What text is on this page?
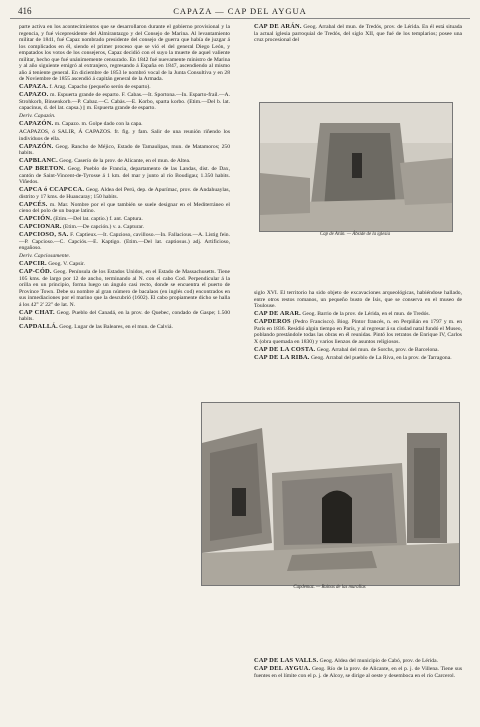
416	CAPAZA — CAP DEL AYGUA

parte activa en los acontecimientos que se desarrollaron durante el gobierno provisional y la regencia, y fué vicepresidente del Almirantazgo y del Consejo de Marina. Al levantamiento militar de 1841, fué Capaz nombrado presidente del consejo de guerra que había de juzgar á los complicados en él, siendo el primer proceso que se vió el del general Diego León, y empatados los votos de los consejeros, Capaz decidió con el suyo la muerte de aquel valiente militar, hecho que fué unánimemente censurado. En 1842 fué nuevamente ministro de Marina y al año siguiente emigró al extranjero, regresando á España en 1847, ascendiendo al mismo año á teniente general. En diciembre de 1853 le nombró vocal de la Junta Consultiva y en 28 de Noviembre de 1855 ascendió á capitán general de la Armada.

CAPAZA. f. Arag. Capacho (pequeño serón de esparto).

CAPAZO. m. Espuerta grande de esparto. F. Cabas.—It. Sportona.—In. Esparto-frail.—A. Strohkorb, Binsenkorb.—P. Cabaz.—C. Cabàs.—E. Korbo, sparta korbo. (Etim.—Del b. lat. capacinus, d. del lat. capsa.) || m. Espuerta grande de esparto.

Deriv. Capazón.

CAPAZÓN. m. Capazo. m. Golpe dado con la capa.

ACAPAZOS, ó SALIR, Á CAPAZOS. fr. fig. y fam. Salir de una reunión riñendo los individuos de ella.

CAPAZÓN. Geog. Rancho de Méjico, Estado de Tamaulipas, mun. de Matamoros; 250 habits.

CAPBLANC. Geog. Caserío de la prov. de Alicante, en el mun. de Altea.

CAP BRETON. Geog. Pueblo de Francia, departamento de las Landas, dist. de Dax, cantón de Saint-Vincent-de-Tyrosse á 1 km. del mar y junto al río Boudigau; 1.350 habits. Viñedos.

CAPCA ó CCAPCCA. Geog. Aldea del Perú, dep. de Apurímac, prov. de Andahuaylas, distrito y 17 kms. de Huancaray; 150 habits.

CAPCÉS. m. Mar. Nombre por el que también se suele designar en el Mediterráneo el cieno del polo de un buque latino.

CAPCIÓN. (Etim.—Del lat. captio.) f. ant. Captura.

CAPCIONAR. (Etim.—De capción.) v. a. Capturar.

CAPCIOSO, SA. F. Captieux.—It. Capzioso, cavilloso.—In. Fallacious.—A. Listig fein.—P. Capcioso.—C. Capciós.—E. Kaptigo. (Etim.—Del lat. captiosus.) adj. Artificioso, engañoso.

Deriv. Capciosamente.

CAPCIR. Geog. V. Capsir.

CAP-CÓD. Geog. Península de los Estados Unidos, en el Estado de Massachusetts. Tiene 105 kms. de largo por 12 de ancho, terminando al N. con el cabo Cod. Perpendicular á la orilla en un principio, forma luego un ángulo casi recto, donde se encuentra el puerto de Province Town. Debe su nombre al gran número de bacalaos (en inglés cod) encontrados en sus inmediaciones por el marino que la descubrió (1602). El cabo propiamente dicho se halla á los 42° 2' 22" de lat. N.

CAP CHAT. Geog. Pueblo del Canadá, en la prov. de Quebec, condado de Gaspe; 1.500 habits.

CAPDALLÁ. Geog. Lugar de las Baleares, en el mun. de Calviá.

CAP DE ARÁN. Geog. Arrabal del mun. de Tredós, prov. de Lérida. En él está situada la actual iglesia parroquial de Tredós, del siglo XII, que fué de los templarios; posee una cruz procesional del

Cap de Arán. — Ábside de la iglesia

siglo XVI. El territorio ha sido objeto de excavaciones arqueológicas, habiéndose hallado, entre otros restos romanos, un pequeño busto de Isis, que se conserva en el museo de Toulouse.

CAP DE ARAR. Geog. Barrio de la prov. de Lérida, en el mun. de Tredós.

CAPDEROS (Pedro Francisco). Biog. Pintor francés, n. en Perpiñán en 1797 y m. en París en 1836. Residió algún tiempo en París, y al regresar á su ciudad natal fundó el Museo, poblando prestándole todas las obras en él reunidas. Pintó los retratos de Enrique IV, Carlos X (obra quemada en 1830) y varios lienzos de asuntos religiosos.

CAP DE LA COSTA. Geog. Arrabal del mun. de Sorchs, prov. de Barcelona.

CAP DE LA RIBA. Geog. Arrabal del pueblo de La Riva, en la prov. de Tarragona.

Capdemaz. — Ruinas de las murallas

CAP DE LAS VALLS. Geog. Aldea del municipio de Cabó, prov. de Lérida.

CAP DEL AYGUA. Geog. Río de la prov. de Alicante, en el p. j. de Villena. Tiene sus fuentes en el límite con el p. j. de Alcoy, se dirige al oeste y desemboca en el río Carcerol.
